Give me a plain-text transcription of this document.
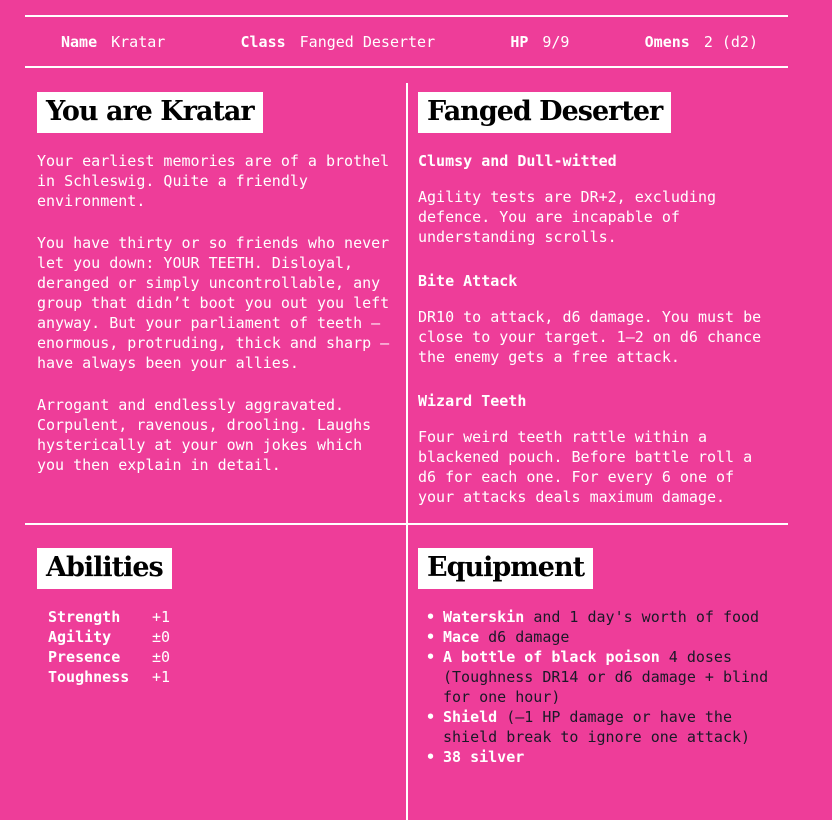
Name Kratar	Class Fanged Deserter	HP 9/9	Omens 2 (d2)
You are Kratar

Your earliest memories are of a brothel in Schleswig. Quite a friendly environment.

You have thirty or so friends who never let you down: YOUR TEETH. Disloyal, deranged or simply uncontrollable, any group that didn’t boot you out you left anyway. But your parliament of teeth — enormous, protruding, thick and sharp — have always been your allies.

Arrogant and endlessly aggravated. Corpulent, ravenous, drooling. Laughs hysterically at your own jokes which you then explain in detail.

Fanged Deserter
Clumsy and Dull-witted

Agility tests are DR+2, excluding defence. You are incapable of understanding scrolls.

Bite Attack

DR10 to attack, d6 damage. You must be close to your target. 1–2 on d6 chance the enemy gets a free attack.

Wizard Teeth

Four weird teeth rattle within a blackened pouch. Before battle roll a d6 for each one. For every 6 one of your attacks deals maximum damage.

Abilities
Strength +1
Agility	±0
Presence ±0
Toughness +1
Equipment
• Waterskin and 1 day's worth of food
• Mace d6 damage
• A bottle of black poison 4 doses (Toughness DR14 or d6 damage + blind for one hour)
• Shield (–1 HP damage or have the shield break to ignore one attack)
• 38 silver
